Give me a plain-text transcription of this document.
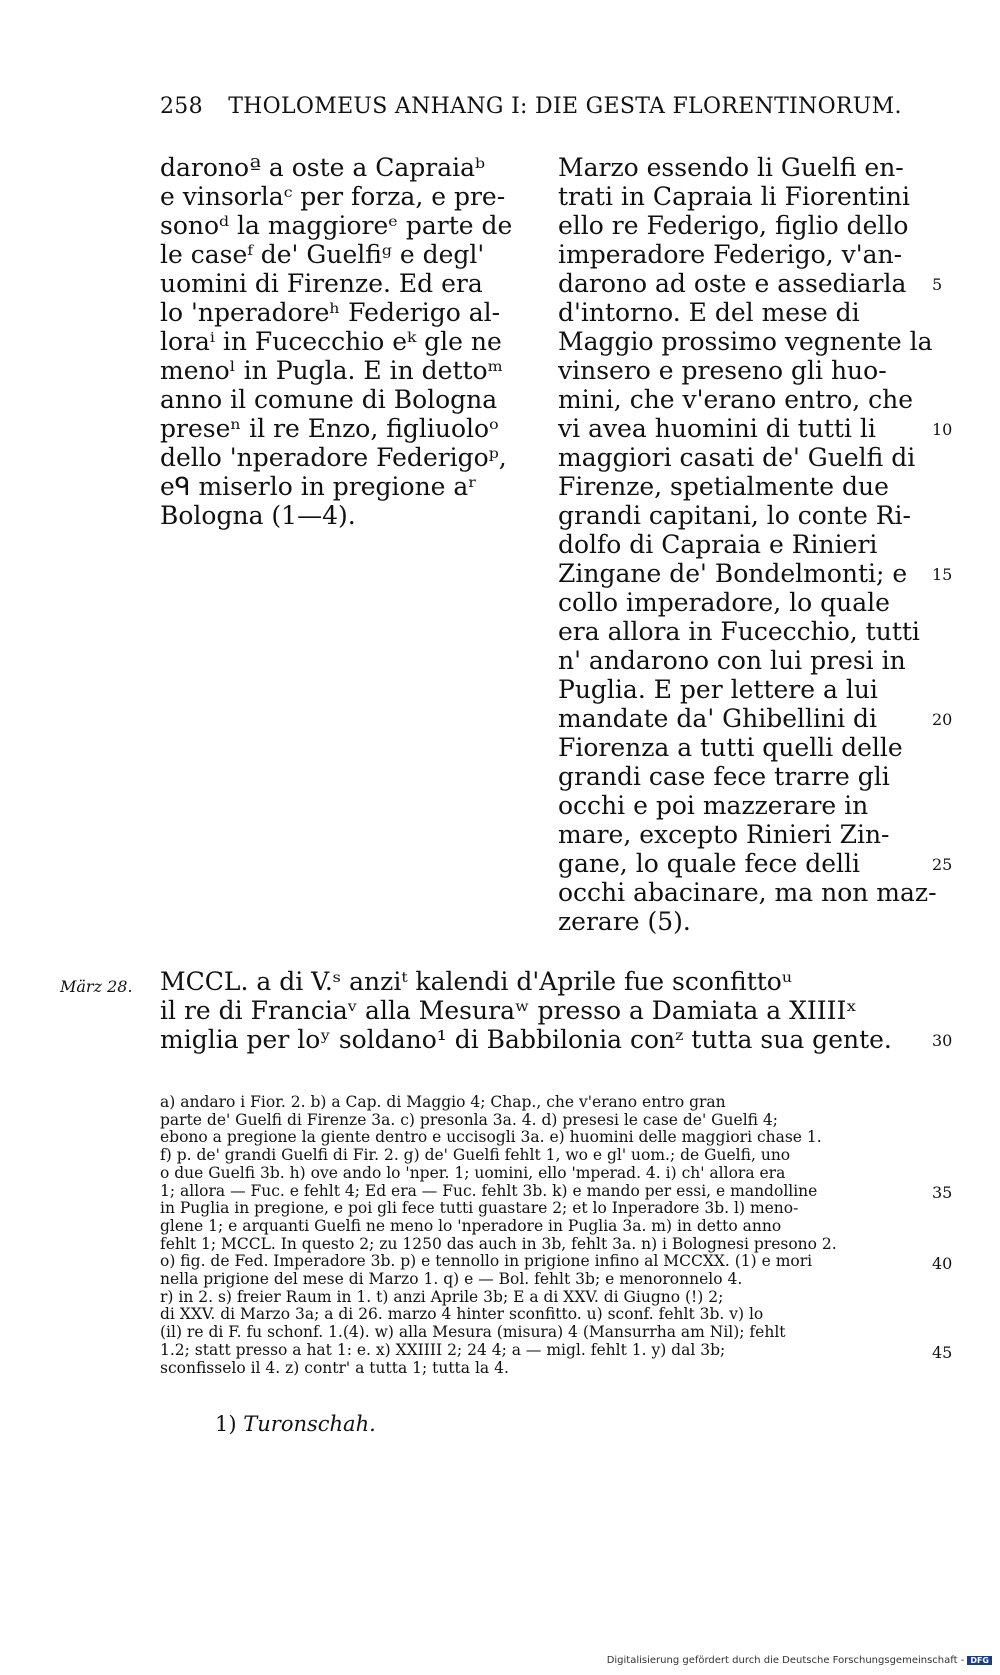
258 THOLOMEUS ANHANG I: DIE GESTA FLORENTINORUM.
daronoª a oste a Capraiaᵇ
e vinsorlaᶜ per forza, e pre-
sonoᵈ la maggioreᵉ parte de
le caseᶠ de' Guelfiᵍ e degl'
uomini di Firenze. Ed era
lo 'nperadoreʰ Federigo al-
loraⁱ in Fucecchio eᵏ gle ne
menoˡ in Pugla. E in dettoᵐ
anno il comune di Bologna
preseⁿ il re Enzo, figliuoloᵒ
dello 'nperadore Federigoᵖ,
eᑫ miserlo in pregione aʳ
Bologna (1—4).
Marzo essendo li Guelfi en-
trati in Capraia li Fiorentini
ello re Federigo, figlio dello
imperadore Federigo, v'an-
darono ad oste e assediarla
d'intorno. E del mese di
Maggio prossimo vegnente la
vinsero e preseno gli huo-
mini, che v'erano entro, che
vi avea huomini di tutti li
maggiori casati de' Guelfi di
Firenze, spetialmente due
grandi capitani, lo conte Ri-
dolfo di Capraia e Rinieri
Zingane de' Bondelmonti; e
collo imperadore, lo quale
era allora in Fucecchio, tutti
n' andarono con lui presi in
Puglia. E per lettere a lui
mandate da' Ghibellini di
Fiorenza a tutti quelli delle
grandi case fece trarre gli
occhi e poi mazzerare in
mare, excepto Rinieri Zin-
gane, lo quale fece delli
occhi abacinare, ma non maz-
zerare (5).
5
10
15
20
25
März 28. MCCL. a di V.ˢ anziᵗ kalendi d'Aprile fue sconfittoᵘ
il re di Franciaᵛ alla Mesuraʷ presso a Damiata a XIIIIˣ
miglia per loʸ soldano¹ di Babbilonia conᶻ tutta sua gente.	30
a) andaro i Fior. 2. b) a Cap. di Maggio 4; Chap., che v'erano entro gran
parte de' Guelfi di Firenze 3a. c) presonla 3a. 4. d) presesi le case de' Guelfi 4;
ebono a pregione la giente dentro e uccisogli 3a. e) huomini delle maggiori chase 1.
f) p. de' grandi Guelfi di Fir. 2. g) de' Guelfi fehlt 1, wo e gl' uom.; de Guelfi, uno
o due Guelfi 3b. h) ove ando lo 'nper. 1; uomini, ello 'mperad. 4. i) ch' allora era
1; allora — Fuc. e fehlt 4; Ed era — Fuc. fehlt 3b. k) e mando per essi, e mandolline
in Puglia in pregione, e poi gli fece tutti guastare 2; et lo Inperadore 3b. l) meno-
glene 1; e arquanti Guelfi ne meno lo 'nperadore in Puglia 3a. m) in detto anno
fehlt 1; MCCL. In questo 2; zu 1250 das auch in 3b, fehlt 3a. n) i Bolognesi presono 2.
o) fig. de Fed. Imperadore 3b. p) e tennollo in prigione infino al MCCXX. (1) e mori
nella prigione del mese di Marzo 1. q) e — Bol. fehlt 3b; e menoronnelo 4.
r) in 2. s) freier Raum in 1. t) anzi Aprile 3b; E a di XXV. di Giugno (!) 2;
di XXV. di Marzo 3a; a di 26. marzo 4 hinter sconfitto. u) sconf. fehlt 3b. v) lo
(il) re di F. fu schonf. 1.(4). w) alla Mesura (misura) 4 (Mansurrha am Nil); fehlt
1.2; statt presso a hat 1: e. x) XXIIII 2; 24 4; a — migl. fehlt 1. y) dal 3b;
sconfisselo il 4. z) contr' a tutta 1; tutta la 4.
35
40
45
1) Turonschah.
Digitalisierung gefördert durch die Deutsche Forschungsgemeinschaft - DFG
